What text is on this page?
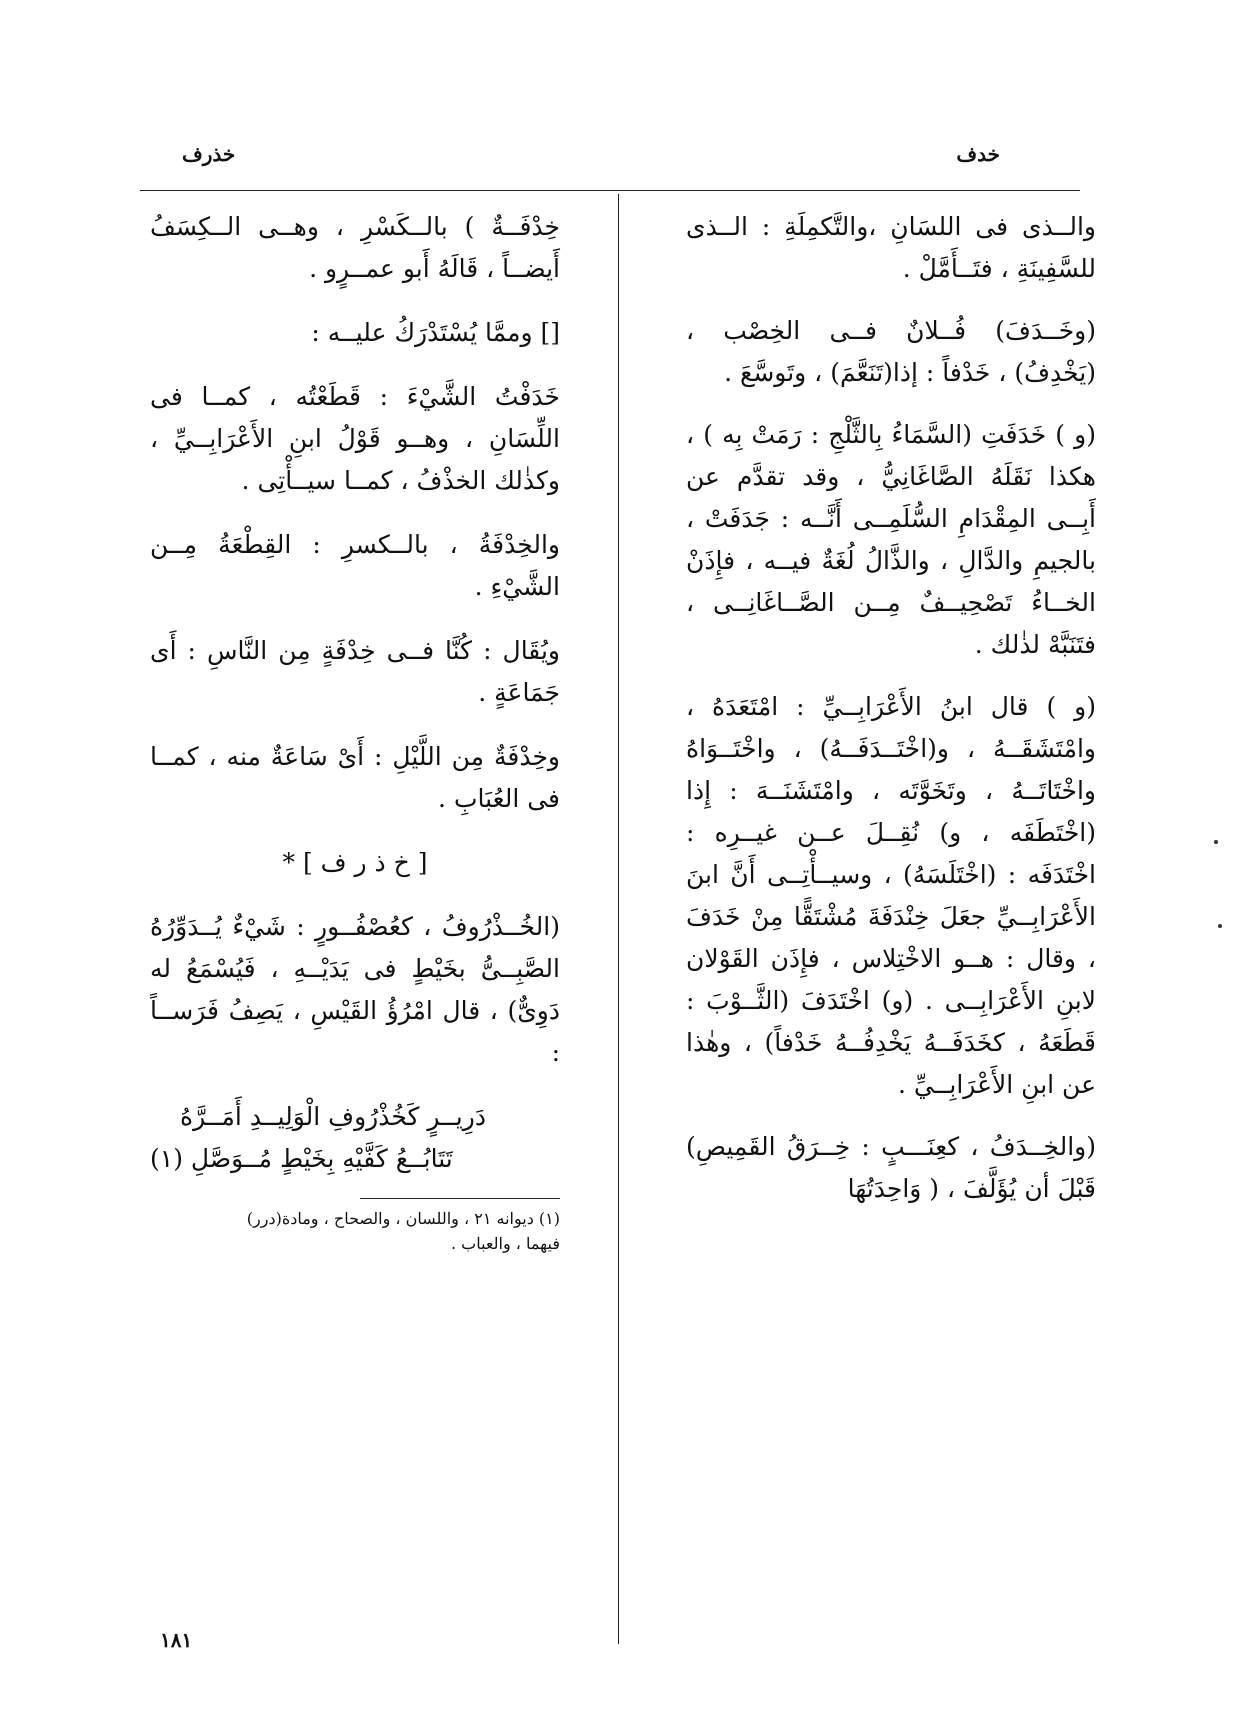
خدف
خذرف

والــذى فى اللسَانِ ،والتَّكمِلَةِ : الــذى للسَّفِينَةِ ، فتَــأَمَّلْ .

(وخَــدَفَ) فُــلانٌ فــى الخِصْب ، (يَخْدِفُ) ، خَدْفاً : إذا(تَنَعَّمَ) ، وتَوسَّعَ .

(و ) خَدَفَتِ (السَّمَاءُ بِالثَّلْجِ : رَمَتْ بِه ) ، هكذا نَقَلَهُ الصَّاغَانِيُّ ، وقد تقدَّم عن أَبِــى المِقْدَامِ السُّلَمِــى أَنَّــه : جَدَفَتْ ، بالجيمِ والدَّالِ ، والذَّالُ لُغَةٌ فيــه ، فإِذَنْ الخــاءُ تَصْحِيــفٌ مِــن الصَّــاغَانِــى ، فتَنَبَّهْ لذٰلك .

(و ) قال ابنُ الأَعْرَابِــيِّ : امْتَعَدَهُ ، وامْتَشَقَــهُ ، و(اخْتَــدَفَــهُ) ، واخْتَــوَاهُ واخْتَاتَــهُ ، وتَخَوَّتَه ، وامْتَشَنَــهَ : إِذا (اخْتَطَفَه ، و) نُقِــلَ عــن غيــرِه : اخْتَدَفَه : (اخْتَلَسَهُ) ، وسيــأْتِــى أَنَّ ابنَ الأَعْرَابِــيِّ جعَلَ خِنْدَفَةَ مُشْتَقًّا مِنْ خَدَفَ ، وقال : هــو الاخْتِلاس ، فإِذَن القَوْلان لابنِ الأَعْرَابِــى . (و) اخْتَدَفَ (الثَّــوْبَ : قَطَعَهُ ، كخَدَفَــهُ يَخْدِفُــهُ خَدْفاً) ، وهٰذا عن ابنِ الأَعْرَابِــيِّ .

(والخِــدَفُ ، كعِنَـــبٍ : خِــرَقُ القَمِيصِ) قَبْلَ أن يُؤَلَّفَ ، ( وَاحِدَتُهَا

خِدْفَــةٌ ) بالــكَسْرِ ، وهــى الــكِسَفُ أَيضــاً ، قَالَهُ أَبو عمــرٍو .

[] وممَّا يُسْتَدْرَكُ عليــه :

خَدَفْتُ الشَّيْءَ : قَطَعْتُه ، كمــا فى اللِّسَانِ ، وهــو قَوْلُ ابنِ الأَعْرَابِــيِّ ، وكذٰلك الخذْفُ ، كمــا سيــأْتِى .

والخِدْفَةُ ، بالــكسرِ : القِطْعَةُ مِــن الشَّيْءِ .

ويُقَال : كُنَّا فــى خِدْفَةٍ مِن النَّاسِ : أَى جَمَاعَةٍ .

وخِدْفَةٌ مِن اللَّيْلِ : أَىْ سَاعَةٌ منه ، كمــا فى العُبَابِ .

[ خ ذ ر ف ] *

(الخُــذْرُوفُ ، كعُصْفُــورٍ : شَيْءٌ يُــدَوِّرُهُ الصَّبِــىُّ بخَيْطٍ فى يَدَيْــهِ ، فَيُسْمَعُ له دَوِىٌّ) ، قال امْرُؤُ القَيْسِ ، يَصِفُ فَرَســاً :

دَرِيــرٍ كَخُذْرُوفِ الْوَلِيــدِ أَمَــرَّهُ
تَتَابُــعُ كَفَّيْهِ بِخَيْطٍ مُــوَصَّلِ (١)

(١) ديوانه ٢١ ، واللسان ، والصحاح ، ومادة(درر)

فيهما ، والعباب .

١٨١
